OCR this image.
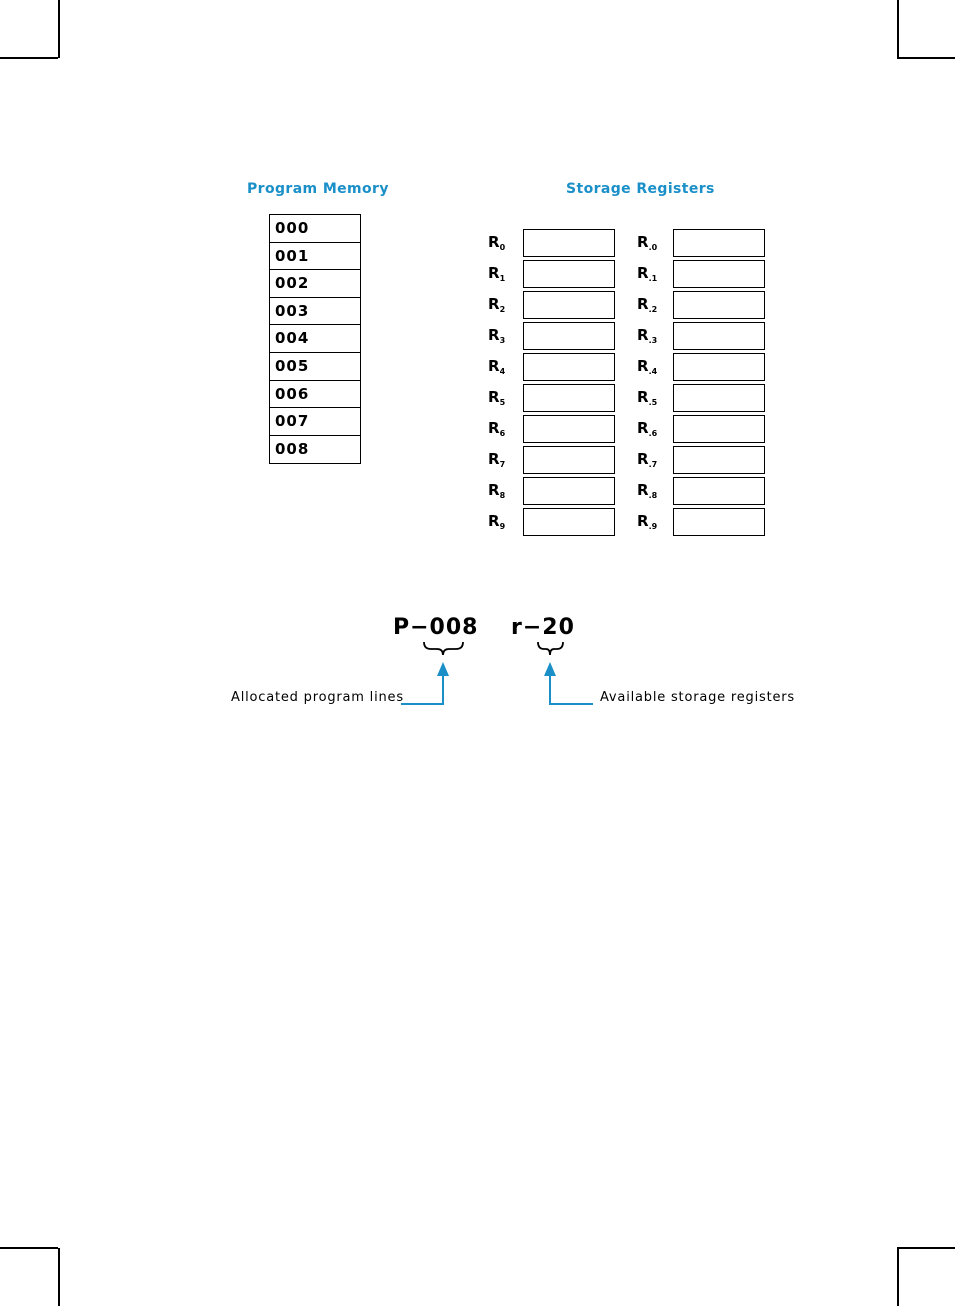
Program Memory	Storage Registers
000
001
002
003
004
005
006
007
008
$R_0$
$R_1$
$R_2$
$R_3$
$R_4$
$R_5$
$R_6$
$R_7$
$R_8$
$R_9$
$R_{.0}$
$R_{.1}$
$R_{.2}$
$R_{.3}$
$R_{.4}$
$R_{.5}$
$R_{.6}$
$R_{.7}$
$R_{.8}$
$R_{.9}$
P−008 r−20
Allocated program lines	Available storage registers
